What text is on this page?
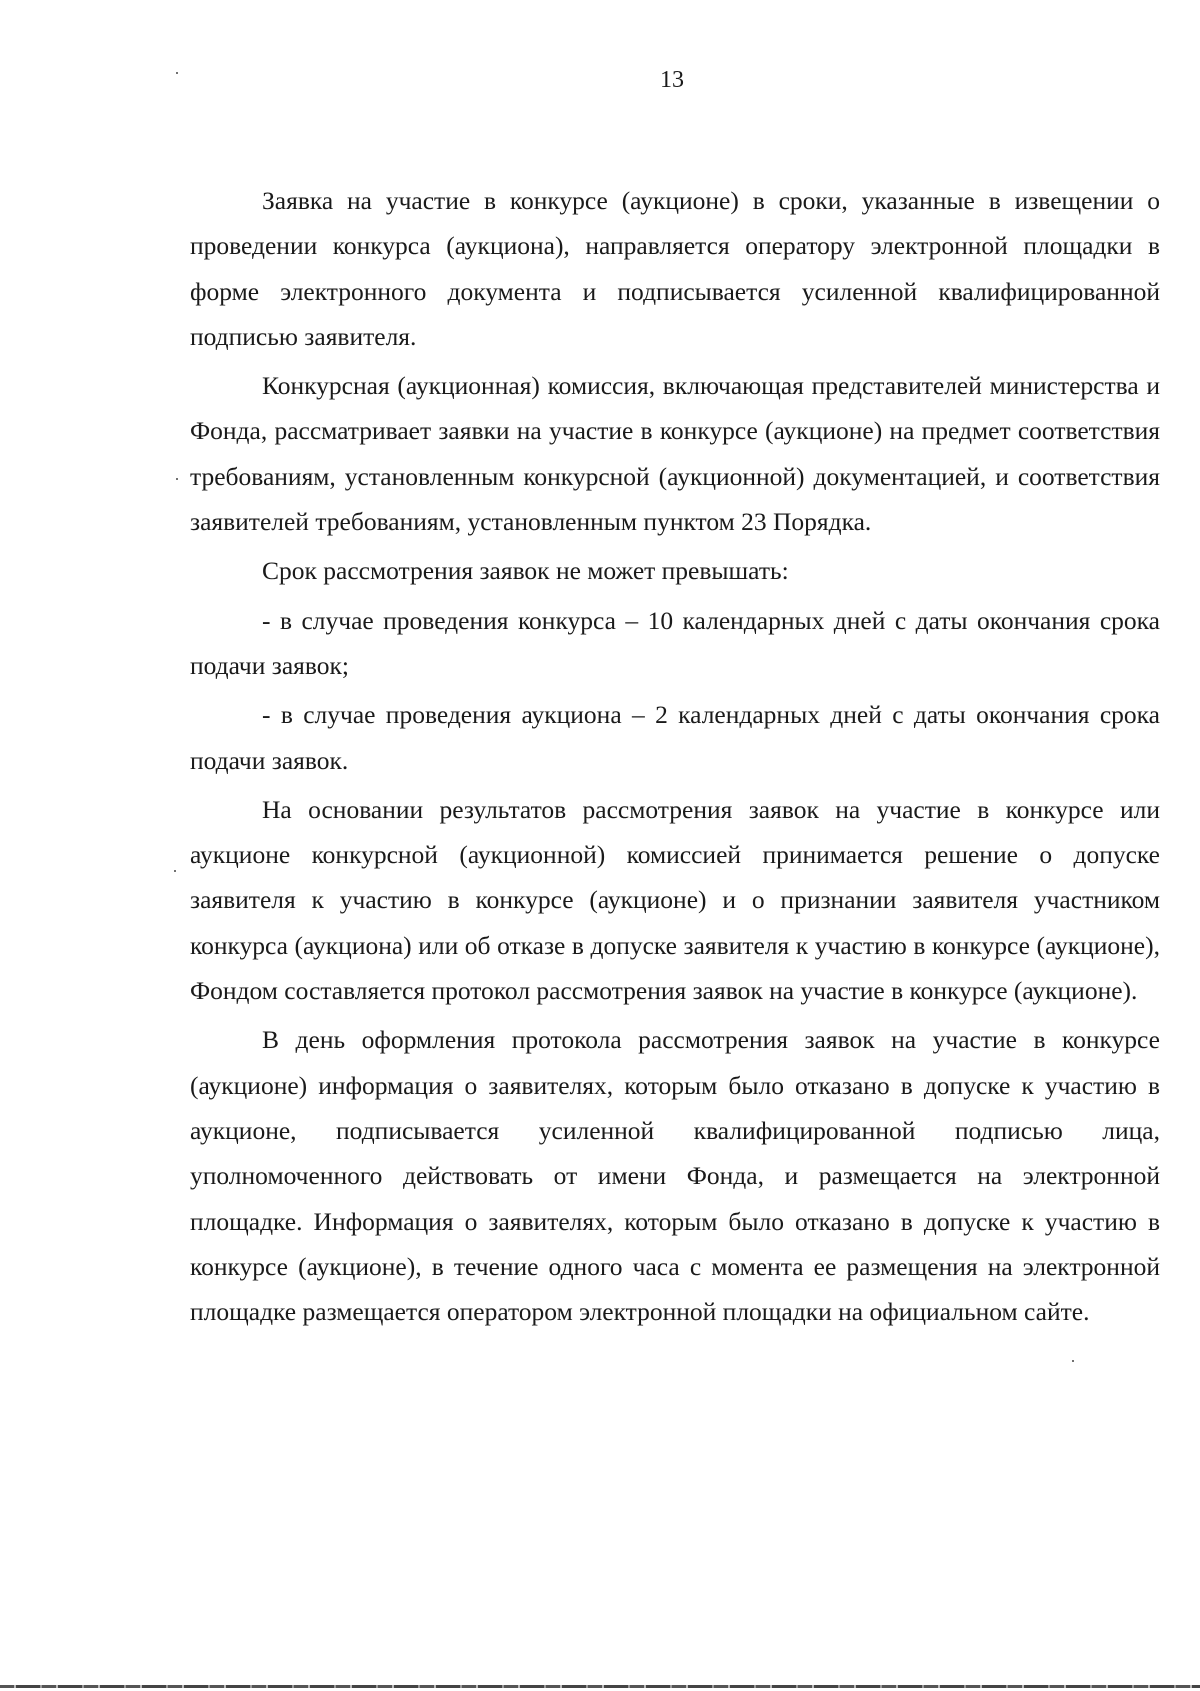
13

Заявка на участие в конкурсе (аукционе) в сроки, указанные в извещении о проведении конкурса (аукциона), направляется оператору электронной площадки в форме электронного документа и подписывается усиленной квалифицированной подписью заявителя.

Конкурсная (аукционная) комиссия, включающая представителей министерства и Фонда, рассматривает заявки на участие в конкурсе (аукционе) на предмет соответствия требованиям, установленным конкурсной (аукционной) документацией, и соответствия заявителей требованиям, установленным пунктом 23 Порядка.

Срок рассмотрения заявок не может превышать:

- в случае проведения конкурса – 10 календарных дней с даты окончания срока подачи заявок;

- в случае проведения аукциона – 2 календарных дней с даты окончания срока подачи заявок.

На основании результатов рассмотрения заявок на участие в конкурсе или аукционе конкурсной (аукционной) комиссией принимается решение о допуске заявителя к участию в конкурсе (аукционе) и о признании заявителя участником конкурса (аукциона) или об отказе в допуске заявителя к участию в конкурсе (аукционе), Фондом составляется протокол рассмотрения заявок на участие в конкурсе (аукционе).

В день оформления протокола рассмотрения заявок на участие в конкурсе (аукционе) информация о заявителях, которым было отказано в допуске к участию в аукционе, подписывается усиленной квалифицированной подписью лица, уполномоченного действовать от имени Фонда, и размещается на электронной площадке. Информация о заявителях, которым было отказано в допуске к участию в конкурсе (аукционе), в течение одного часа с момента ее размещения на электронной площадке размещается оператором электронной площадки на официальном сайте.
